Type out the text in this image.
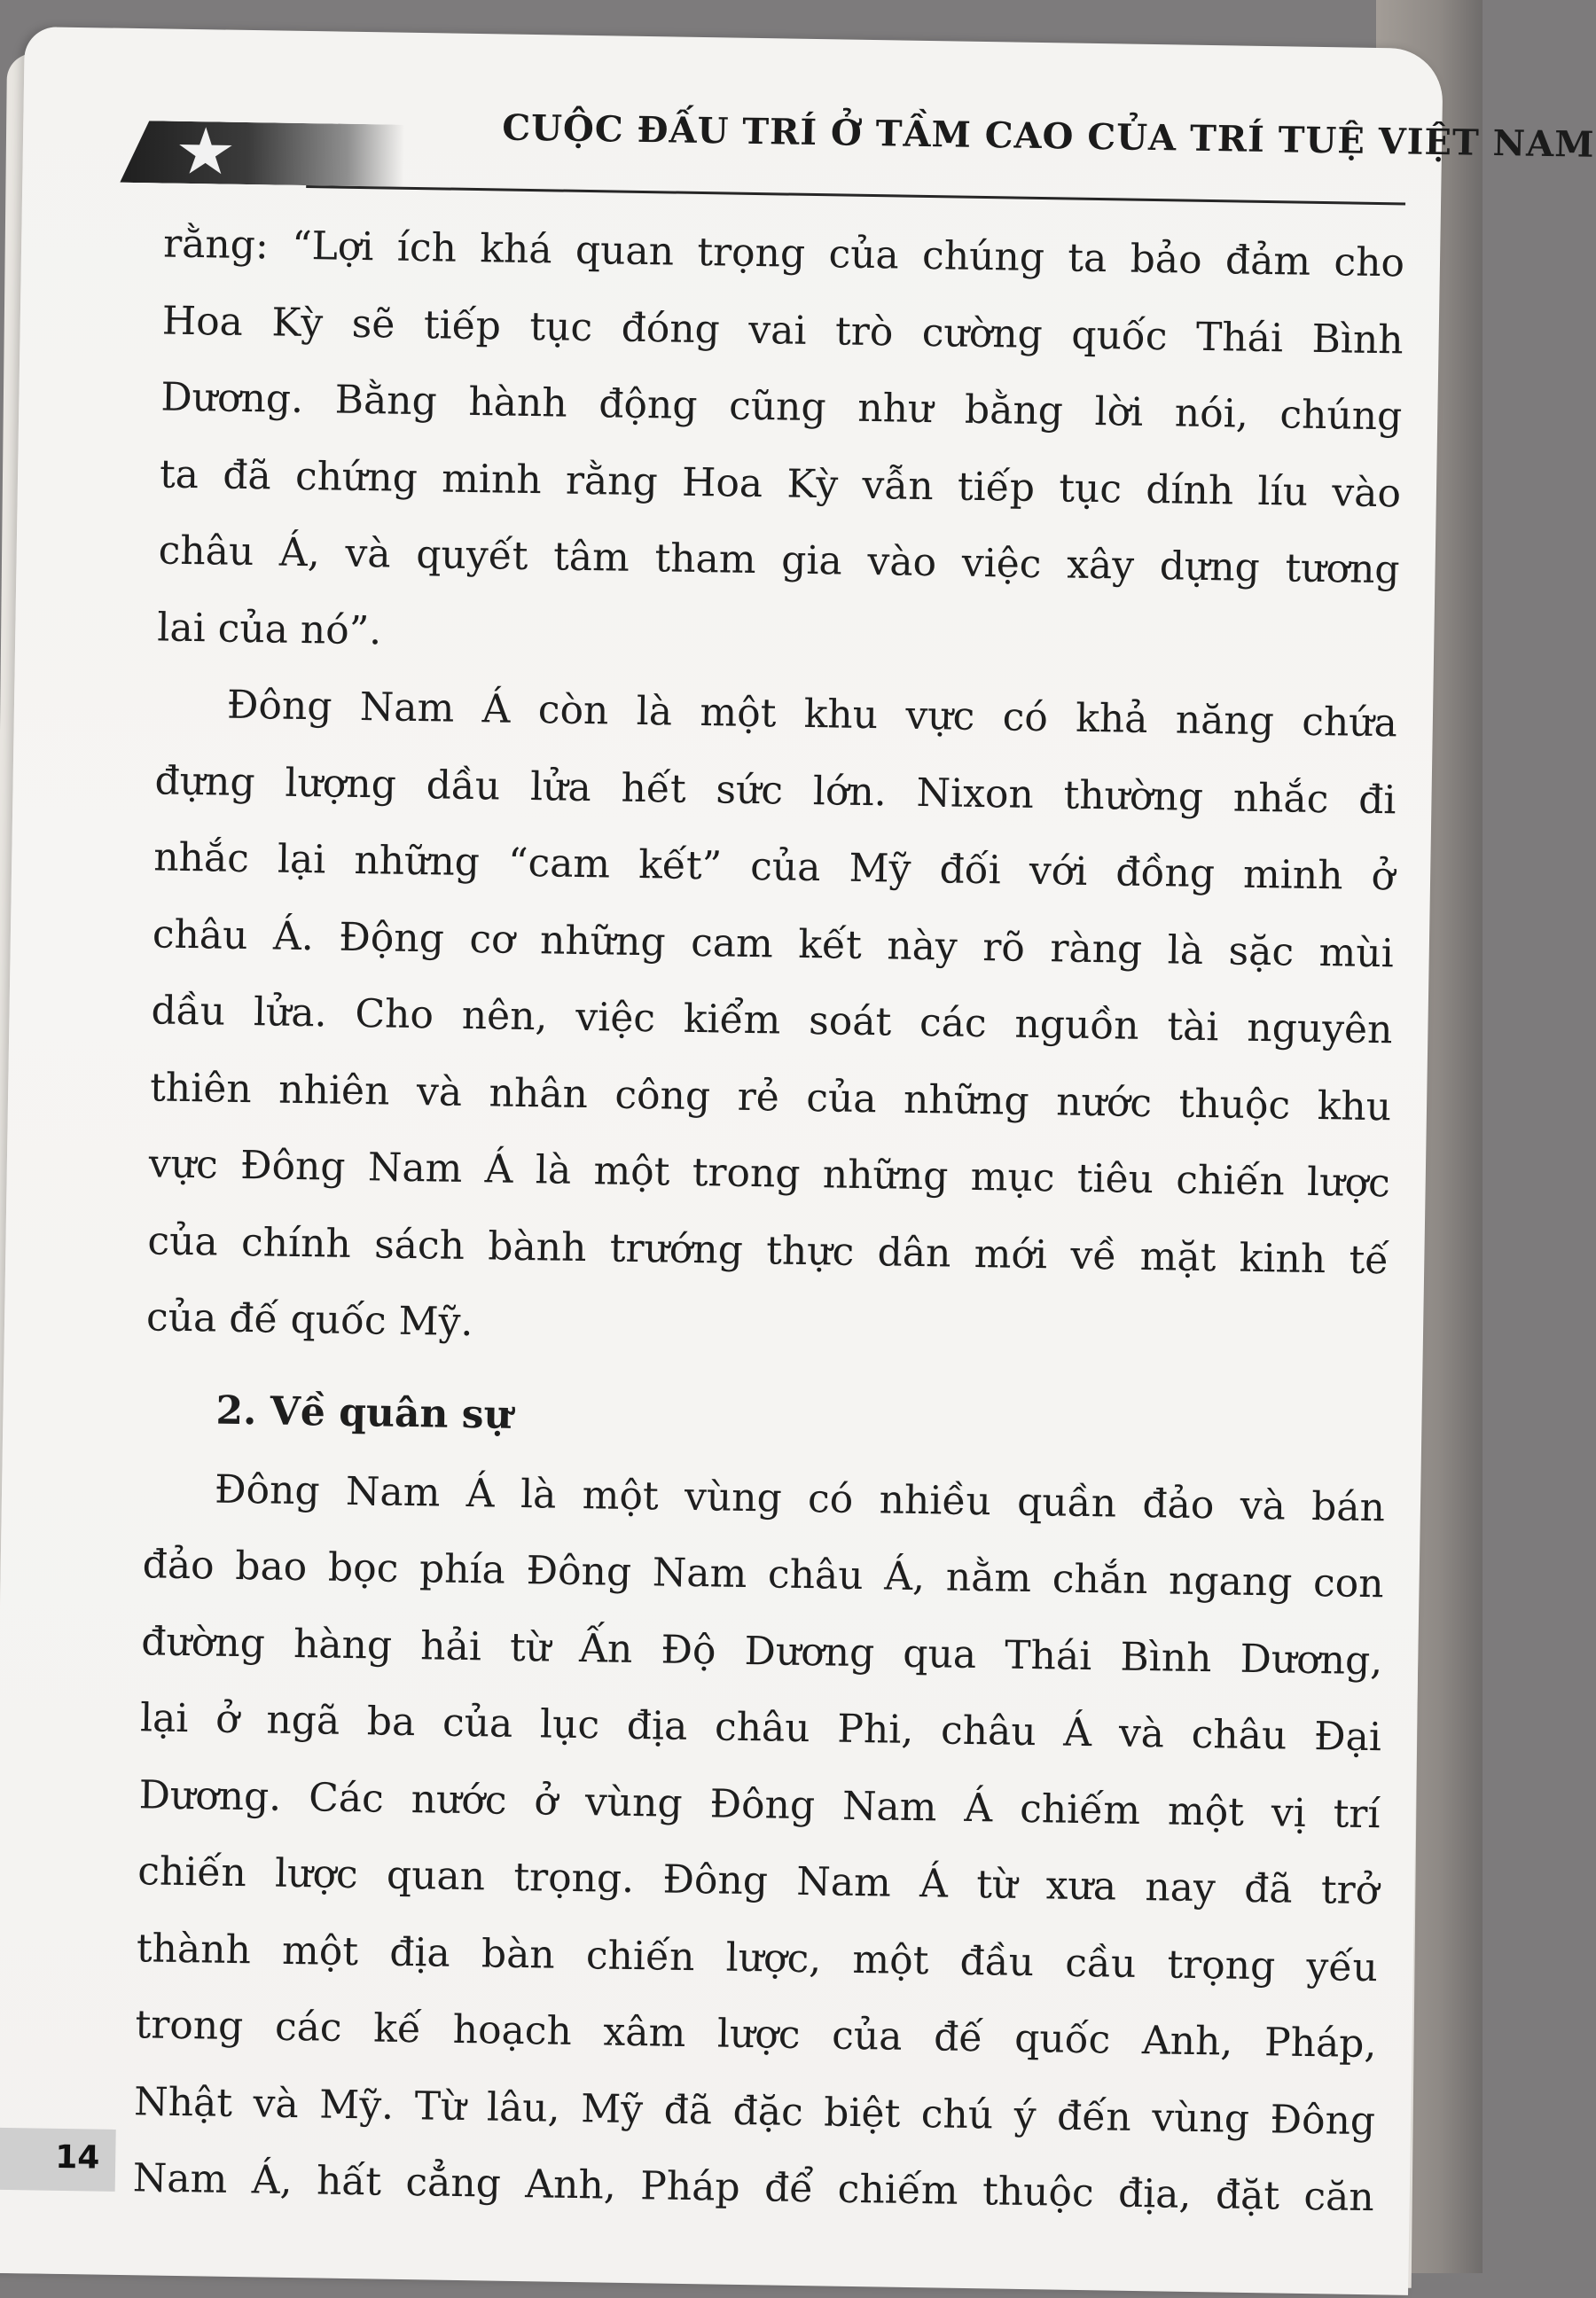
CUỘC ĐẤU TRÍ Ở TẦM CAO CỦA TRÍ TUỆ VIỆT NAM
rằng: “Lợi ích khá quan trọng của chúng ta bảo đảm cho
Hoa Kỳ sẽ tiếp tục đóng vai trò cường quốc Thái Bình
Dương. Bằng hành động cũng như bằng lời nói, chúng
ta đã chứng minh rằng Hoa Kỳ vẫn tiếp tục dính líu vào
châu Á, và quyết tâm tham gia vào việc xây dựng tương
lai của nó”.
Đông Nam Á còn là một khu vực có khả năng chứa
đựng lượng dầu lửa hết sức lớn. Nixon thường nhắc đi
nhắc lại những “cam kết” của Mỹ đối với đồng minh ở
châu Á. Động cơ những cam kết này rõ ràng là sặc mùi
dầu lửa. Cho nên, việc kiểm soát các nguồn tài nguyên
thiên nhiên và nhân công rẻ của những nước thuộc khu
vực Đông Nam Á là một trong những mục tiêu chiến lược
của chính sách bành trướng thực dân mới về mặt kinh tế
của đế quốc Mỹ.
2. Về quân sự
Đông Nam Á là một vùng có nhiều quần đảo và bán
đảo bao bọc phía Đông Nam châu Á, nằm chắn ngang con
đường hàng hải từ Ấn Độ Dương qua Thái Bình Dương,
lại ở ngã ba của lục địa châu Phi, châu Á và châu Đại
Dương. Các nước ở vùng Đông Nam Á chiếm một vị trí
chiến lược quan trọng. Đông Nam Á từ xưa nay đã trở
thành một địa bàn chiến lược, một đầu cầu trọng yếu
trong các kế hoạch xâm lược của đế quốc Anh, Pháp,
Nhật và Mỹ. Từ lâu, Mỹ đã đặc biệt chú ý đến vùng Đông
Nam Á, hất cẳng Anh, Pháp để chiếm thuộc địa, đặt căn
14
